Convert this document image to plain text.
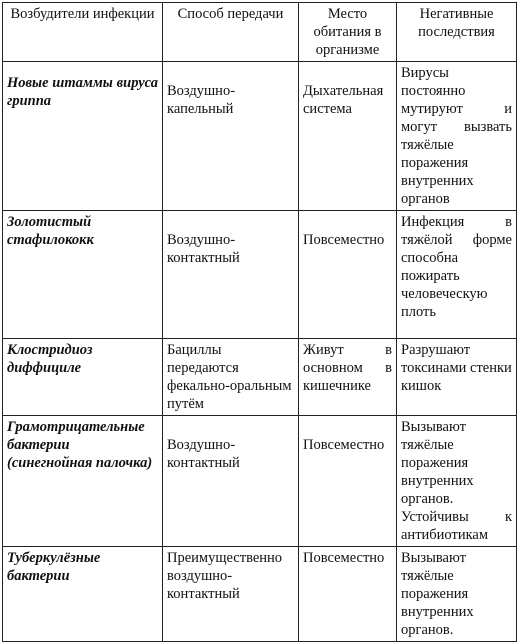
Возбудители инфекции	Способ передачи	Место обитания в организме	Негативные последствия
Новые штаммы вируса гриппа	Воздушно-капельный	Дыхательная система	Вирусы постоянно мутируют и могут вызвать тяжёлые поражения внутренних органов
Золотистый стафилококк	Воздушно-контактный	Повсеместно	Инфекция в тяжёлой форме способна пожирать человеческую плоть
Клостридиоз диффициле	Бациллы передаются фекально-оральным путём	Живут в основном в кишечнике	Разрушают токсинами стенки кишок
Грамотрицательные бактерии (синегнойная палочка)	Воздушно-контактный	Повсеместно	Вызывают тяжёлые поражения внутренних органов. Устойчивы к антибиотикам
Туберкулёзные бактерии	Преимущественно воздушно-контактный	Повсеместно	Вызывают тяжёлые поражения внутренних органов.
